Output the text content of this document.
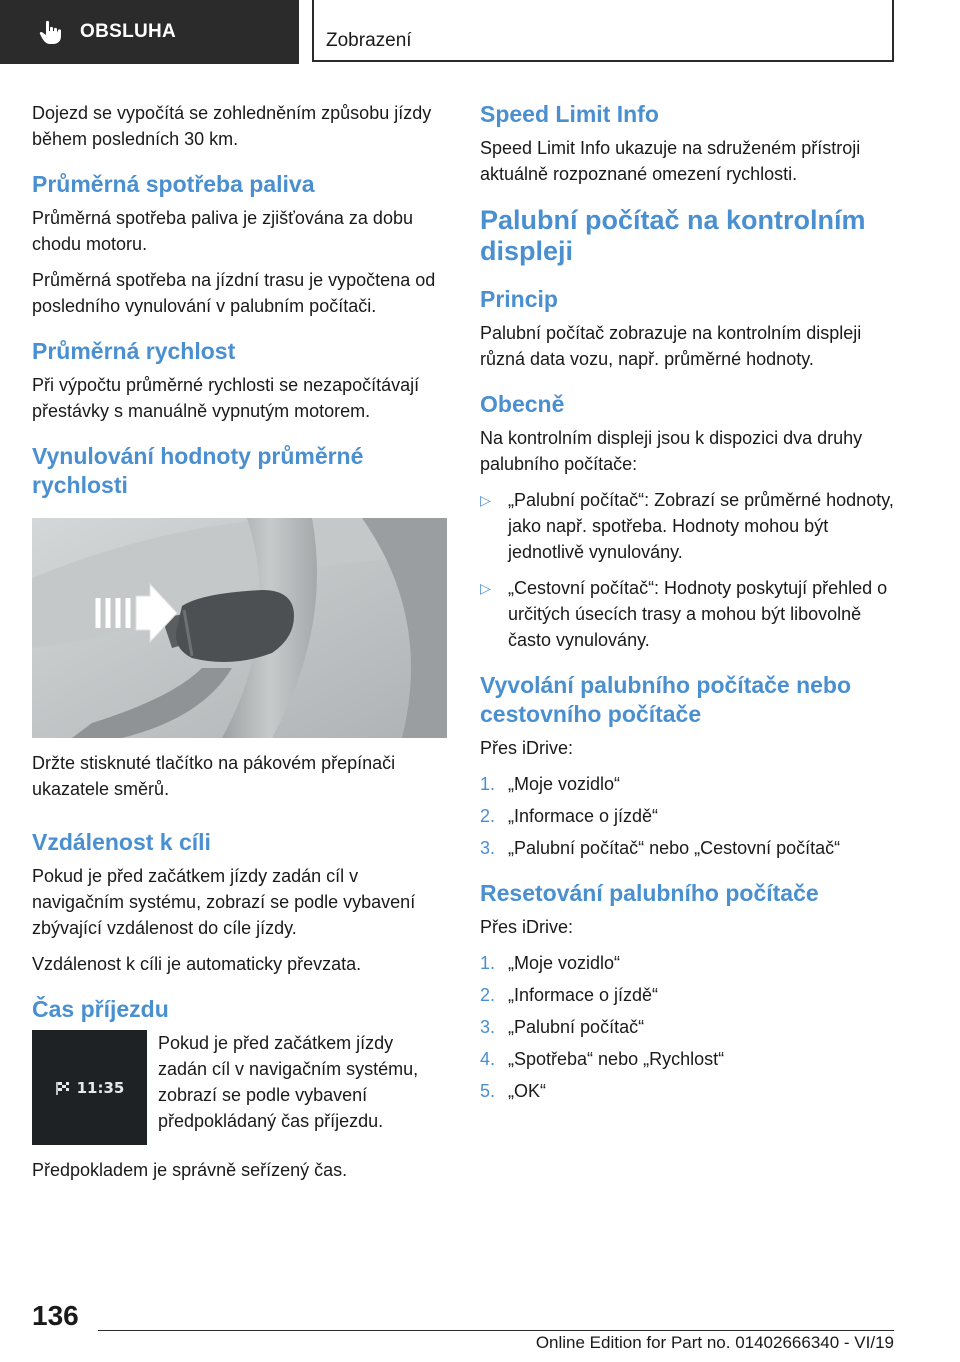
OBSLUHA	Zobrazení

Dojezd se vypočítá se zohledněním způsobu jízdy během posledních 30 km.

Průměrná spotřeba paliva

Průměrná spotřeba paliva je zjišťována za dobu chodu motoru.

Průměrná spotřeba na jízdní trasu je vypočtena od posledního vynulování v palubním počítači.

Průměrná rychlost

Při výpočtu průměrné rychlosti se nezapočítávají přestávky s manuálně vypnutým motorem.

Vynulování hodnoty průměrné rychlosti

Držte stisknuté tlačítko na pákovém přepínači ukazatele směrů.

Vzdálenost k cíli

Pokud je před začátkem jízdy zadán cíl v navigačním systému, zobrazí se podle vybavení zbývající vzdálenost do cíle jízdy.

Vzdálenost k cíli je automaticky převzata.

Čas příjezdu
11:35

Pokud je před začátkem jízdy zadán cíl v navigačním systému, zobrazí se podle vybavení předpokládaný čas příjezdu.

Předpokladem je správně seřízený čas.

Speed Limit Info

Speed Limit Info ukazuje na sdruženém přístroji aktuálně rozpoznané omezení rychlosti.

Palubní počítač na kontrolním displeji
Princip

Palubní počítač zobrazuje na kontrolním displeji různá data vozu, např. průměrné hodnoty.

Obecně

Na kontrolním displeji jsou k dispozici dva druhy palubního počítače:

▷ „Palubní počítač“: Zobrazí se průměrné hodnoty, jako např. spotřeba. Hodnoty mohou být jednotlivě vynulovány.

▷ „Cestovní počítač“: Hodnoty poskytují přehled o určitých úsecích trasy a mohou být libovolně často vynulovány.

Vyvolání palubního počítače nebo cestovního počítače

Přes iDrive:

1. „Moje vozidlo“

2. „Informace o jízdě“

3. „Palubní počítač“ nebo „Cestovní počítač“

Resetování palubního počítače

Přes iDrive:

1. „Moje vozidlo“

2. „Informace o jízdě“

3. „Palubní počítač“

4. „Spotřeba“ nebo „Rychlost“

5. „OK“

136
Online Edition for Part no. 01402666340 - VI/19
